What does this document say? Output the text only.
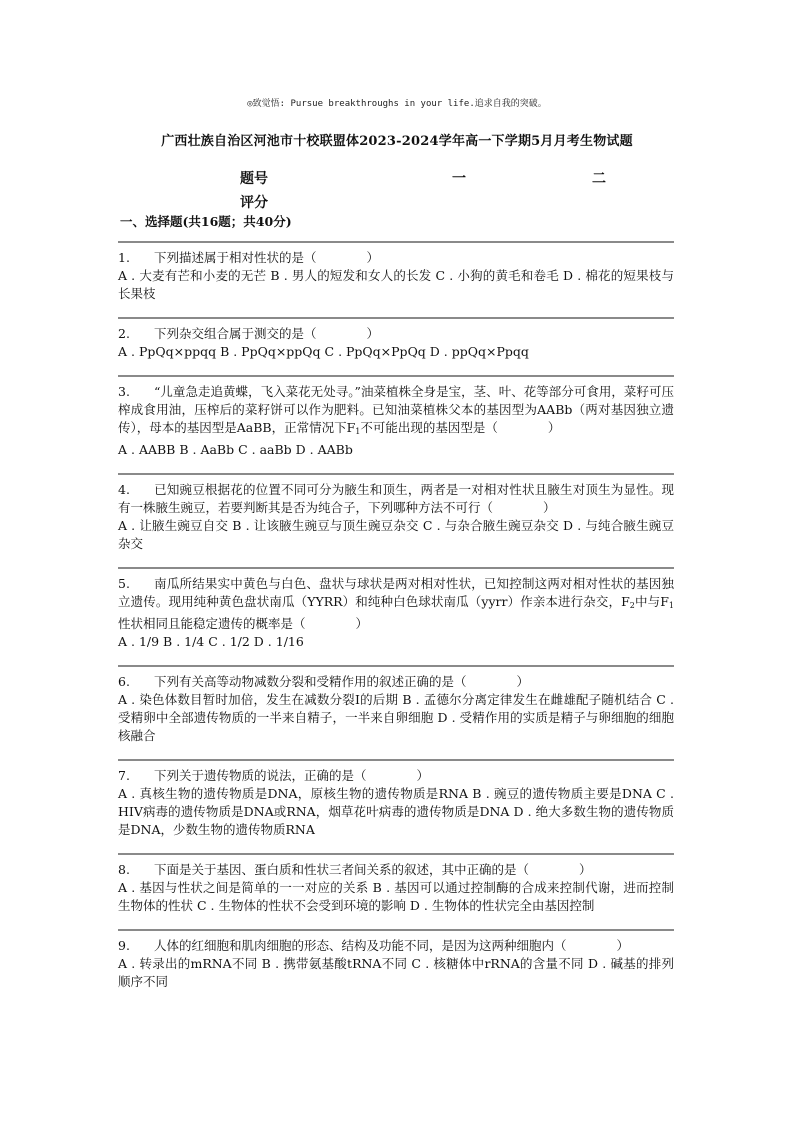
◎致觉悟: Pursue breakthroughs in your life.追求自我的突破。
广西壮族自治区河池市十校联盟体2023-2024学年高一下学期5月月考生物试题
题号	一	二
评分
一、选择题(共16题；共40分)
1. 下列描述属于相对性状的是（　　　　）
A . 大麦有芒和小麦的无芒 B . 男人的短发和女人的长发 C . 小狗的黄毛和卷毛 D . 棉花的短果枝与长果枝
2. 下列杂交组合属于测交的是（　　　　）
A . PpQq×ppqq B . PpQq×ppQq C . PpQq×PpQq D . ppQq×Ppqq
3. “儿童急走追黄蝶，飞入菜花无处寻。”油菜植株全身是宝，茎、叶、花等部分可食用，菜籽可压榨成食用油，压榨后的菜籽饼可以作为肥料。已知油菜植株父本的基因型为AABb（两对基因独立遗传），母本的基因型是AaBB，正常情况下$F_1$不可能出现的基因型是（　　　　）
A . AABB B . AaBb C . aaBb D . AABb
4. 已知豌豆根据花的位置不同可分为腋生和顶生，两者是一对相对性状且腋生对顶生为显性。现有一株腋生豌豆，若要判断其是否为纯合子，下列哪种方法不可行（　　　　）
A . 让腋生豌豆自交 B . 让该腋生豌豆与顶生豌豆杂交 C . 与杂合腋生豌豆杂交 D . 与纯合腋生豌豆杂交
5. 南瓜所结果实中黄色与白色、盘状与球状是两对相对性状，已知控制这两对相对性状的基因独立遗传。现用纯种黄色盘状南瓜（YYRR）和纯种白色球状南瓜（yyrr）作亲本进行杂交，$F_2$中与$F_1$性状相同且能稳定遗传的概率是（　　　　）
A . 1/9 B . 1/4 C . 1/2 D . 1/16
6. 下列有关高等动物减数分裂和受精作用的叙述正确的是（　　　　）
A . 染色体数目暂时加倍，发生在减数分裂Ⅰ的后期 B . 孟德尔分离定律发生在雌雄配子随机结合 C . 受精卵中全部遗传物质的一半来自精子，一半来自卵细胞 D . 受精作用的实质是精子与卵细胞的细胞核融合
7. 下列关于遗传物质的说法，正确的是（　　　　）
A . 真核生物的遗传物质是DNA，原核生物的遗传物质是RNA B . 豌豆的遗传物质主要是DNA C . HIV病毒的遗传物质是DNA或RNA，烟草花叶病毒的遗传物质是DNA D . 绝大多数生物的遗传物质是DNA，少数生物的遗传物质RNA
8. 下面是关于基因、蛋白质和性状三者间关系的叙述，其中正确的是（　　　　）
A . 基因与性状之间是简单的一一对应的关系 B . 基因可以通过控制酶的合成来控制代谢，进而控制生物体的性状 C . 生物体的性状不会受到环境的影响 D . 生物体的性状完全由基因控制
9. 人体的红细胞和肌肉细胞的形态、结构及功能不同，是因为这两种细胞内（　　　　）
A . 转录出的mRNA不同 B . 携带氨基酸tRNA不同 C . 核糖体中rRNA的含量不同 D . 碱基的排列顺序不同
